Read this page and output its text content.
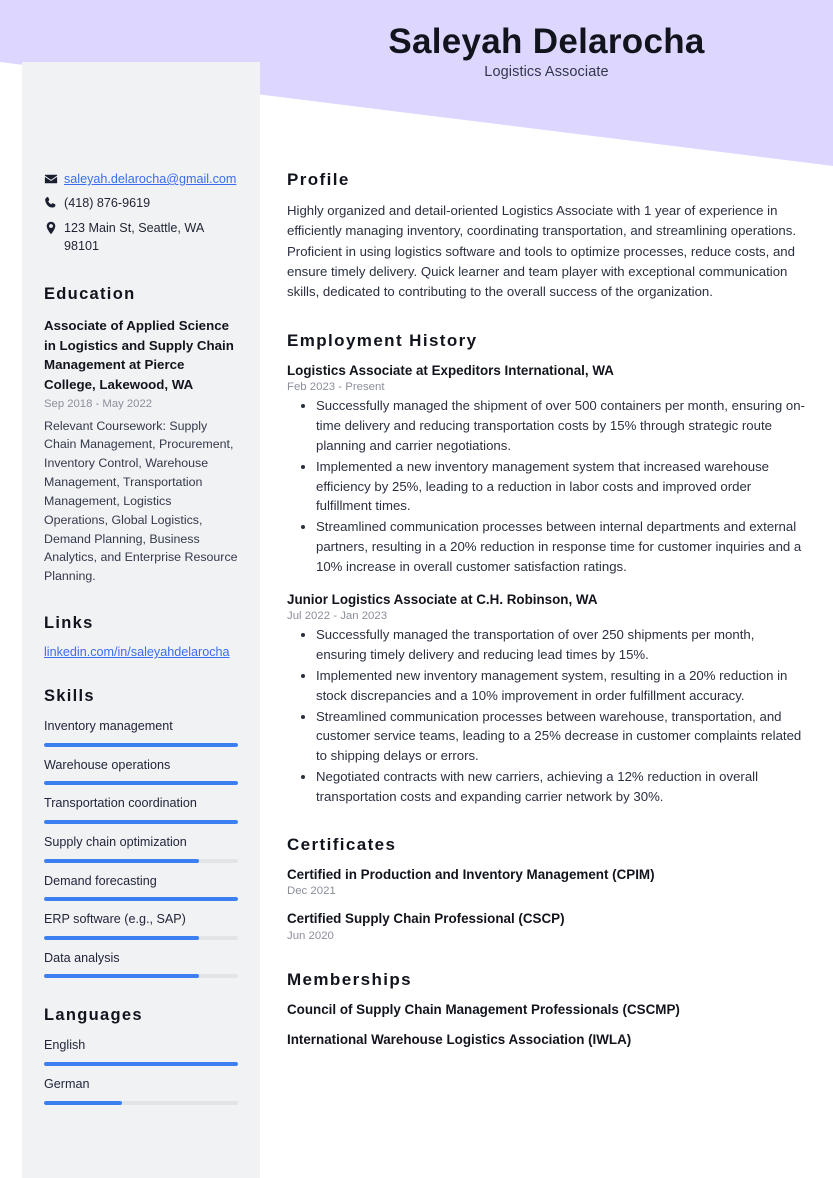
Saleyah Delarocha
Logistics Associate
saleyah.delarocha@gmail.com
(418) 876-9619
123 Main St, Seattle, WA 98101
Education
Associate of Applied Science in Logistics and Supply Chain Management at Pierce College, Lakewood, WA
Sep 2018 - May 2022
Relevant Coursework: Supply Chain Management, Procurement, Inventory Control, Warehouse Management, Transportation Management, Logistics Operations, Global Logistics, Demand Planning, Business Analytics, and Enterprise Resource Planning.
Links
linkedin.com/in/saleyahdelarocha
Skills
Inventory management
Warehouse operations
Transportation coordination
Supply chain optimization
Demand forecasting
ERP software (e.g., SAP)
Data analysis
Languages
English
German
Profile

Highly organized and detail-oriented Logistics Associate with 1 year of experience in efficiently managing inventory, coordinating transportation, and streamlining operations. Proficient in using logistics software and tools to optimize processes, reduce costs, and ensure timely delivery. Quick learner and team player with exceptional communication skills, dedicated to contributing to the overall success of the organization.

Employment History
Logistics Associate at Expeditors International, WA
Feb 2023 - Present
• Successfully managed the shipment of over 500 containers per month, ensuring on-time delivery and reducing transportation costs by 15% through strategic route planning and carrier negotiations.
• Implemented a new inventory management system that increased warehouse efficiency by 25%, leading to a reduction in labor costs and improved order fulfillment times.
• Streamlined communication processes between internal departments and external partners, resulting in a 20% reduction in response time for customer inquiries and a 10% increase in overall customer satisfaction ratings.
Junior Logistics Associate at C.H. Robinson, WA
Jul 2022 - Jan 2023
• Successfully managed the transportation of over 250 shipments per month, ensuring timely delivery and reducing lead times by 15%.
• Implemented new inventory management system, resulting in a 20% reduction in stock discrepancies and a 10% improvement in order fulfillment accuracy.
• Streamlined communication processes between warehouse, transportation, and customer service teams, leading to a 25% decrease in customer complaints related to shipping delays or errors.
• Negotiated contracts with new carriers, achieving a 12% reduction in overall transportation costs and expanding carrier network by 30%.
Certificates
Certified in Production and Inventory Management (CPIM)
Dec 2021
Certified Supply Chain Professional (CSCP)
Jun 2020
Memberships
Council of Supply Chain Management Professionals (CSCMP)
International Warehouse Logistics Association (IWLA)
